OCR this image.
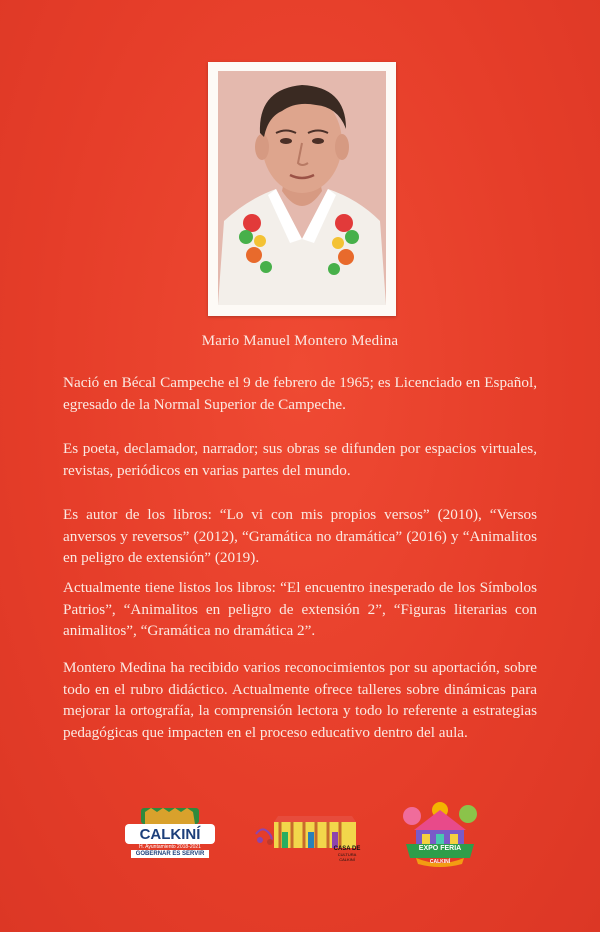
Mario Manuel Montero Medina

Nació en Bécal Campeche el 9 de febrero de 1965; es Licenciado en Español, egresado de la Normal Superior de Campeche.

Es poeta, declamador, narrador; sus obras se difunden por espacios virtuales, revistas, periódicos en varias partes del mundo.

Es autor de los libros: “Lo vi con mis propios versos” (2010), “Versos anversos y reversos” (2012), “Gramática no dramática” (2016) y “Animalitos en peligro de extensión” (2019).

Actualmente tiene listos los libros: “El encuentro inesperado de los Símbolos Patrios”, “Animalitos en peligro de extensión 2”, “Figuras literarias con animalitos”, “Gramática no dramática 2”.

Montero Medina ha recibido varios reconocimientos por su aportación, sobre todo en el rubro didáctico. Actualmente ofrece talleres sobre dinámicas para mejorar la ortografía, la comprensión lectora y todo lo referente a estrategias pedagógicas que impacten en el proceso educativo dentro del aula.

CALKINÍ
H. Ayuntamiento 2018-2021
GOBERNAR ES SERVIR
CASA DE
CULTURA
CALKINÍ
EXPO FERIA
CALKINÍ
